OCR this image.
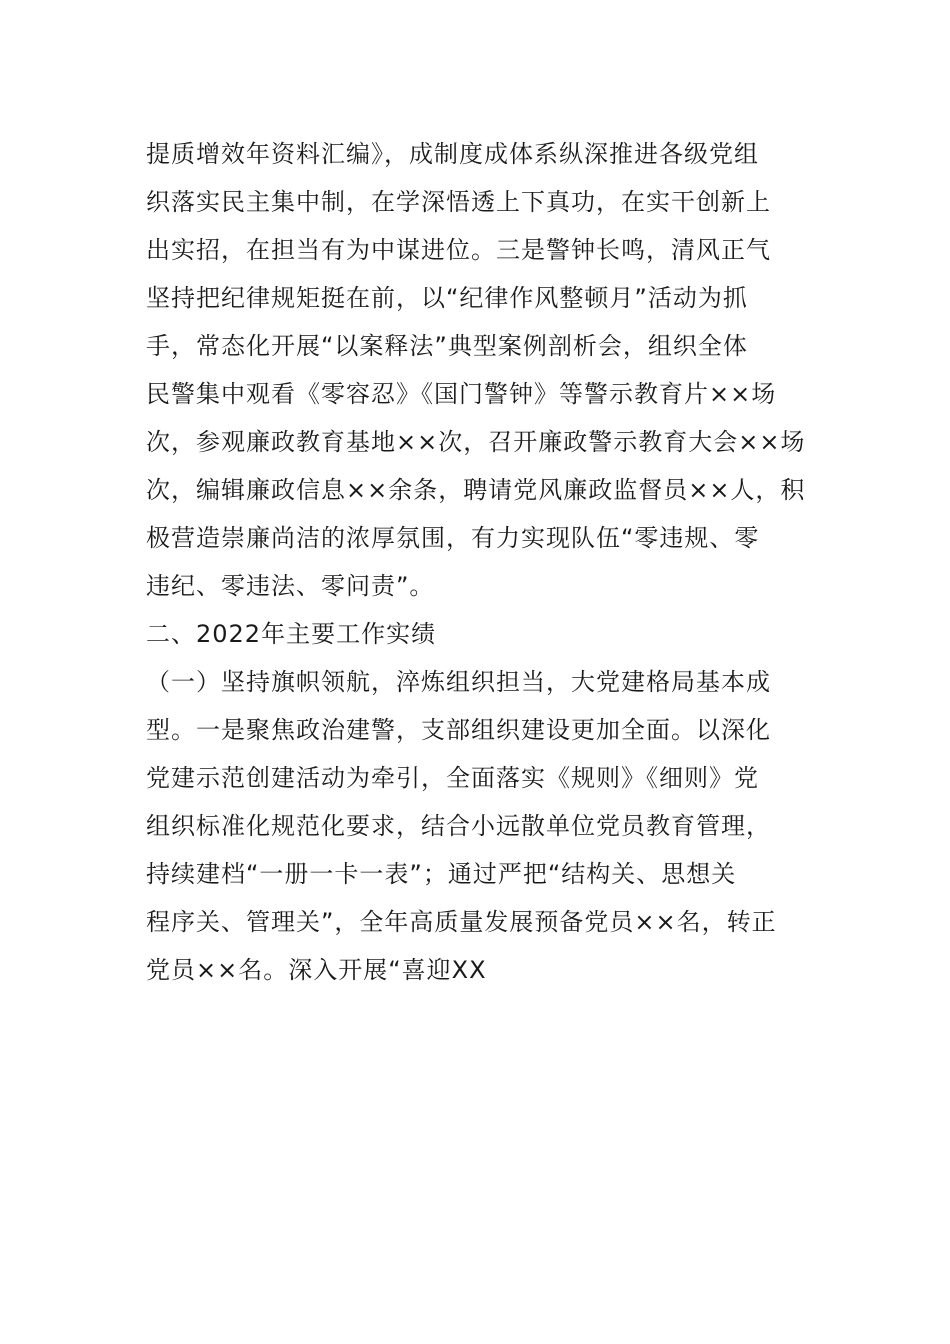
提质增效年资料汇编》，成制度成体系纵深推进各级党组
织落实民主集中制，在学深悟透上下真功，在实干创新上
出实招，在担当有为中谋进位。三是警钟长鸣，清风正气
坚持把纪律规矩挺在前，以“纪律作风整顿月”活动为抓
手，常态化开展“以案释法”典型案例剖析会，组织全体
民警集中观看《零容忍》《国门警钟》等警示教育片××场
次，参观廉政教育基地××次，召开廉政警示教育大会××场
次，编辑廉政信息××余条，聘请党风廉政监督员××人，积
极营造崇廉尚洁的浓厚氛围，有力实现队伍“零违规、零
违纪、零违法、零问责”。
二、2022年主要工作实绩
（一）坚持旗帜领航，淬炼组织担当，大党建格局基本成
型。一是聚焦政治建警，支部组织建设更加全面。以深化
党建示范创建活动为牵引，全面落实《规则》《细则》党
组织标准化规范化要求，结合小远散单位党员教育管理，
持续建档“一册一卡一表”；通过严把“结构关、思想关
程序关、管理关”，全年高质量发展预备党员××名，转正
党员××名。深入开展“喜迎XX
